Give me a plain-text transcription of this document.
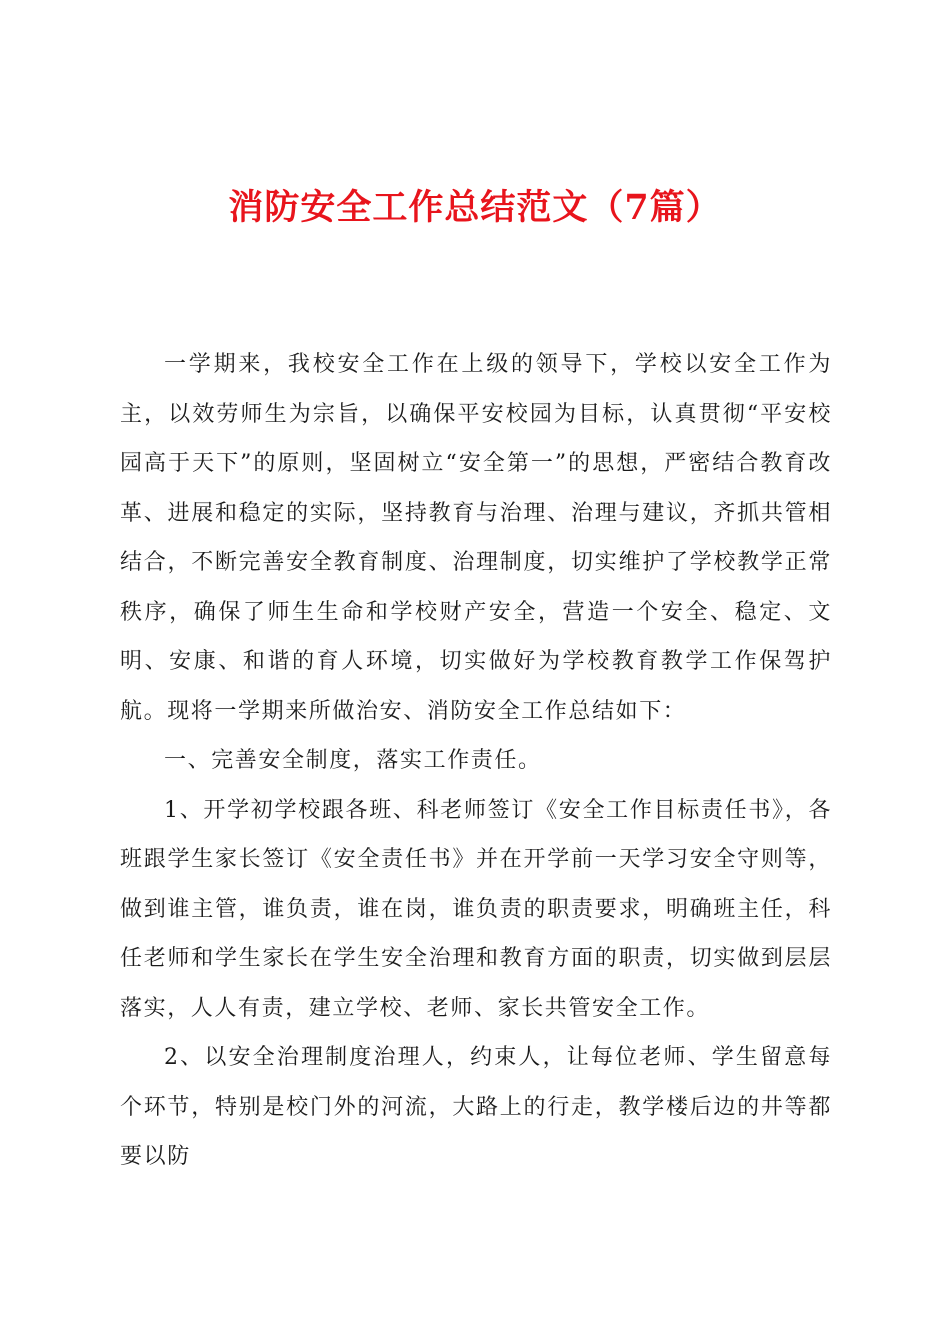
消防安全工作总结范文（7篇）

一学期来，我校安全工作在上级的领导下，学校以安全工作为主，以效劳师生为宗旨，以确保平安校园为目标，认真贯彻“平安校园高于天下”的原则，坚固树立“安全第一”的思想，严密结合教育改革、进展和稳定的实际，坚持教育与治理、治理与建议，齐抓共管相结合，不断完善安全教育制度、治理制度，切实维护了学校教学正常秩序，确保了师生生命和学校财产安全，营造一个安全、稳定、文明、安康、和谐的育人环境，切实做好为学校教育教学工作保驾护航。现将一学期来所做治安、消防安全工作总结如下：

一、完善安全制度，落实工作责任。

1、开学初学校跟各班、科老师签订《安全工作目标责任书》，各班跟学生家长签订《安全责任书》并在开学前一天学习安全守则等，做到谁主管，谁负责，谁在岗，谁负责的职责要求，明确班主任，科任老师和学生家长在学生安全治理和教育方面的职责，切实做到层层落实，人人有责，建立学校、老师、家长共管安全工作。

2、以安全治理制度治理人，约束人，让每位老师、学生留意每个环节，特别是校门外的河流，大路上的行走，教学楼后边的井等都要以防
